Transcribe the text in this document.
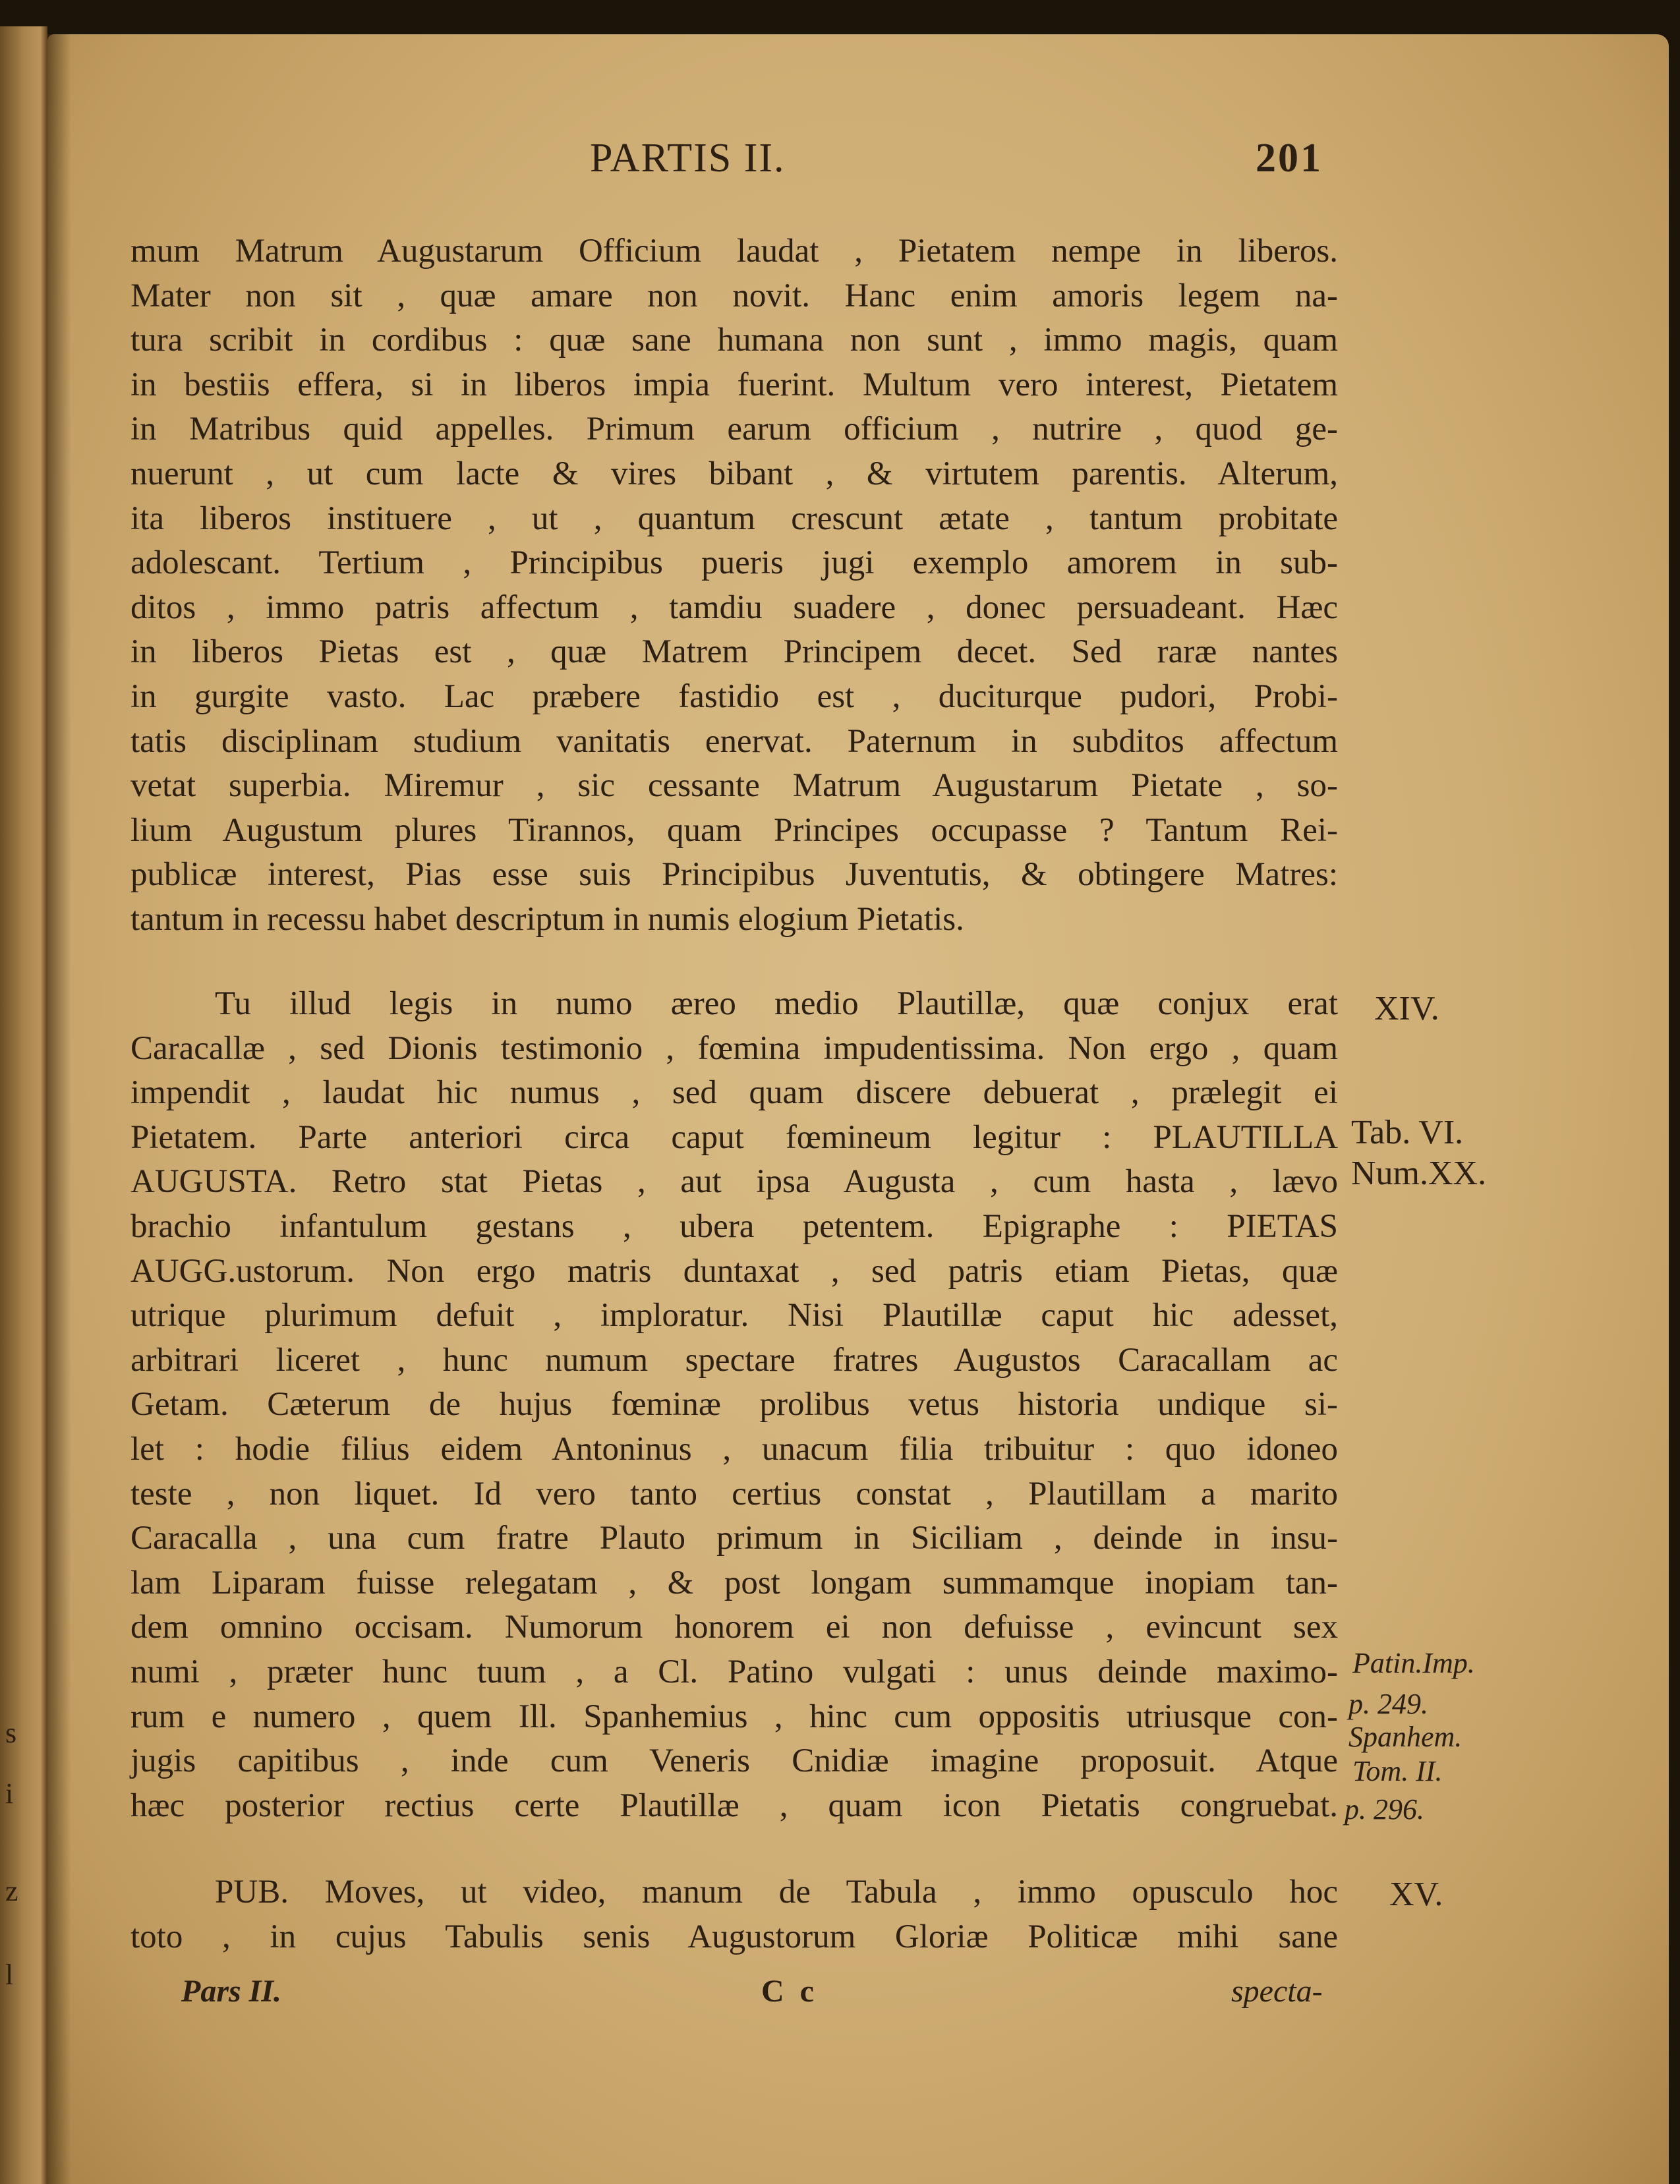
s
i
z
l
PARTIS II.	201
mum Matrum Augustarum Officium laudat , Pietatem nempe in liberos.
Mater non sit , quæ amare non novit. Hanc enim amoris legem na-
tura scribit in cordibus : quæ sane humana non sunt , immo magis, quam
in bestiis effera, si in liberos impia fuerint. Multum vero interest, Pietatem
in Matribus quid appelles. Primum earum officium , nutrire , quod ge-
nuerunt , ut cum lacte & vires bibant , & virtutem parentis. Alterum,
ita liberos instituere , ut , quantum crescunt ætate , tantum probitate
adolescant. Tertium , Principibus pueris jugi exemplo amorem in sub-
ditos , immo patris affectum , tamdiu suadere , donec persuadeant. Hæc
in liberos Pietas est , quæ Matrem Principem decet. Sed raræ nantes
in gurgite vasto. Lac præbere fastidio est , duciturque pudori, Probi-
tatis disciplinam studium vanitatis enervat. Paternum in subditos affectum
vetat superbia. Miremur , sic cessante Matrum Augustarum Pietate , so-
lium Augustum plures Tirannos, quam Principes occupasse ? Tantum Rei-
publicæ interest, Pias esse suis Principibus Juventutis, & obtingere Matres:
tantum in recessu habet descriptum in numis elogium Pietatis.
Tu illud legis in numo æreo medio Plautillæ, quæ conjux erat
Caracallæ , sed Dionis testimonio , fœmina impudentissima. Non ergo , quam
impendit , laudat hic numus , sed quam discere debuerat , prælegit ei
Pietatem. Parte anteriori circa caput fœmineum legitur : PLAUTILLA
AUGUSTA. Retro stat Pietas , aut ipsa Augusta , cum hasta , lævo
brachio infantulum gestans , ubera petentem. Epigraphe : PIETAS
AUGG.ustorum. Non ergo matris duntaxat , sed patris etiam Pietas, quæ
utrique plurimum defuit , imploratur. Nisi Plautillæ caput hic adesset,
arbitrari liceret , hunc numum spectare fratres Augustos Caracallam ac
Getam. Cæterum de hujus fœminæ prolibus vetus historia undique si-
let : hodie filius eidem Antoninus , unacum filia tribuitur : quo idoneo
teste , non liquet. Id vero tanto certius constat , Plautillam a marito
Caracalla , una cum fratre Plauto primum in Siciliam , deinde in insu-
lam Liparam fuisse relegatam , & post longam summamque inopiam tan-
dem omnino occisam. Numorum honorem ei non defuisse , evincunt sex
numi , præter hunc tuum , a Cl. Patino vulgati : unus deinde maximo-
rum e numero , quem Ill. Spanhemius , hinc cum oppositis utriusque con-
jugis capitibus , inde cum Veneris Cnidiæ imagine proposuit. Atque
hæc posterior rectius certe Plautillæ , quam icon Pietatis congruebat.
PUB. Moves, ut video, manum de Tabula , immo opusculo hoc
toto , in cujus Tabulis senis Augustorum Gloriæ Politicæ mihi sane
XIV.
Tab. VI.
Num.XX.
Patin.Imp.
p. 249.
Spanhem.
Tom. II.
p. 296.
XV.
Pars II.	C c	specta-
